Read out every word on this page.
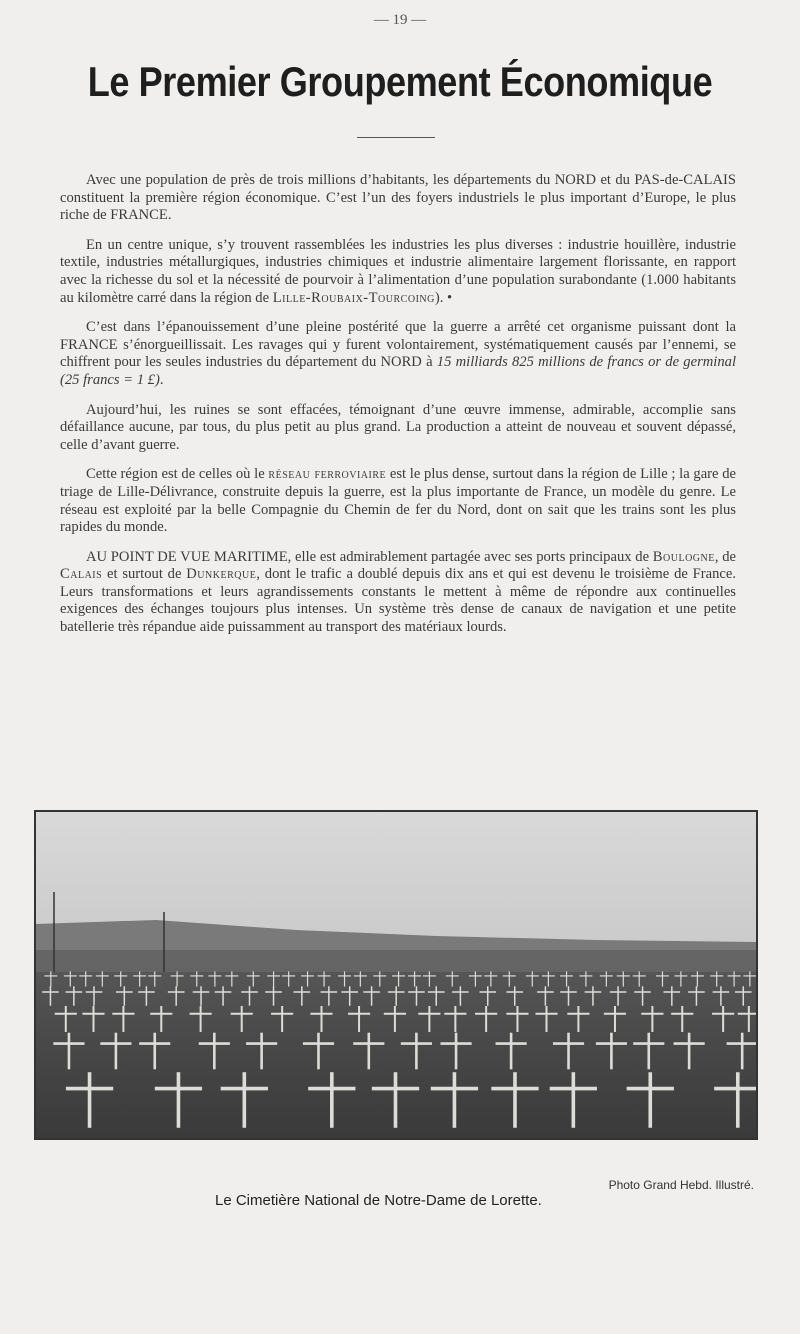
— 19 —
Le Premier Groupement Économique

Avec une population de près de trois millions d’habitants, les départements du NORD et du PAS-de-CALAIS constituent la première région économique. C’est l’un des foyers industriels le plus important d’Europe, le plus riche de FRANCE.

En un centre unique, s’y trouvent rassemblées les industries les plus diverses : industrie houillère, industrie textile, industries métallurgiques, industries chimiques et industrie alimentaire largement florissante, en rapport avec la richesse du sol et la nécessité de pourvoir à l’alimentation d’une population surabondante (1.000 habitants au kilomètre carré dans la région de Lille-Roubaix-Tourcoing). •

C’est dans l’épanouissement d’une pleine postérité que la guerre a arrêté cet organisme puissant dont la FRANCE s’énorgueillissait. Les ravages qui y furent volontairement, systématiquement causés par l’ennemi, se chiffrent pour les seules industries du département du NORD à 15 milliards 825 millions de francs or de germinal (25 francs = 1 £).

Aujourd’hui, les ruines se sont effacées, témoignant d’une œuvre immense, admirable, accomplie sans défaillance aucune, par tous, du plus petit au plus grand. La production a atteint de nouveau et souvent dépassé, celle d’avant guerre.

Cette région est de celles où le réseau ferroviaire est le plus dense, surtout dans la région de Lille ; la gare de triage de Lille-Délivrance, construite depuis la guerre, est la plus importante de France, un modèle du genre. Le réseau est exploité par la belle Compagnie du Chemin de fer du Nord, dont on sait que les trains sont les plus rapides du monde.

AU POINT DE VUE MARITIME, elle est admirablement partagée avec ses ports principaux de Boulogne, de Calais et surtout de Dunkerque, dont le trafic a doublé depuis dix ans et qui est devenu le troisième de France. Leurs transformations et leurs agrandissements constants le mettent à même de répondre aux continuelles exigences des échanges toujours plus intenses. Un système très dense de canaux de navigation et une petite batellerie très répandue aide puissamment au transport des matériaux lourds.

Photo Grand Hebd. Illustré.
Le Cimetière National de Notre-Dame de Lorette.
